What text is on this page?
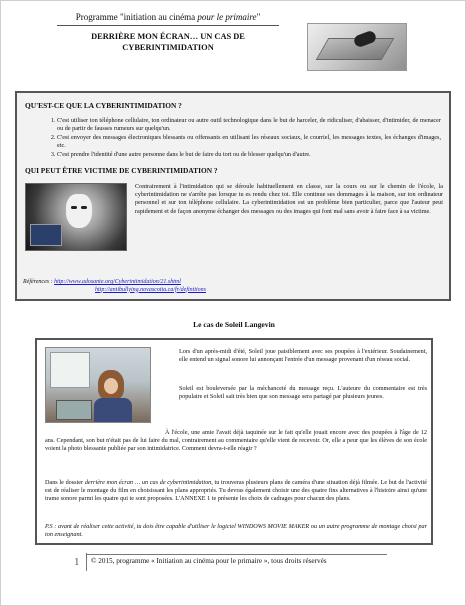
Programme "initiation au cinéma pour le primaire"
DERRIÈRE MON ÉCRAN… UN CAS DE
CYBERINTIMIDATION
QU'EST-CE QUE LA CYBERINTIMIDATION ?
1. C'est utiliser ton téléphone cellulaire, ton ordinateur ou autre outil technologique dans le but de harceler, de ridiculiser, d'abaisser, d'intimider, de menacer ou de partir de fausses rumeurs sur quelqu'un.
2. C'est envoyer des messages électroniques blessants ou offensants en utilisant les réseaux sociaux, le courriel, les messages textes, les échanges d'images, etc.
3. C'est prendre l'identité d'une autre personne dans le but de faire du tort ou de blesser quelqu'un d'autre.
QUI PEUT ÊTRE VICTIME DE CYBERINTIMIDATION ?
Contrairement à l'intimidation qui se déroule habituellement en classe, sur la cours ou sur le chemin de l'école, la cyberintimidation ne s'arrête pas lorsque tu es rendu chez toi. Elle continue ses dommages à la maison, sur ton ordinateur personnel et sur ton téléphone cellulaire. La cyberintimidation est un problème bien particulier, parce que l'auteur peut rapidement et de façon anonyme échanger des messages ou des images qui font mal sans avoir à faire face à sa victime.
Références : http://www.adosante.org/Cyberintimidation/21.shtml
http://antibullying.novascotia.ca/fr/definitions
Le cas de Soleil Langevin
Lors d'un après-midi d'été, Soleil joue paisiblement avec ses poupées à l'extérieur. Soudainement, elle entend un signal sonore lui annonçant l'entrée d'un message provenant d'un réseau social.
Soleil est bouleversée par la méchanceté du message reçu. L'auteure du commentaire est très populaire et Soleil sait très bien que son message sera partagé par plusieurs jeunes.
À l'école, une amie l'avait déjà taquinée sur le fait qu'elle jouait encore avec des poupées à l'âge de 12 ans. Cependant, son but n'était pas de lui faire du mal, contrairement au commentaire qu'elle vient de recevoir. Or, elle a peur que les élèves de son école voient la photo blessante publiée par son intimidatrice. Comment devra-t-elle réagir ?
Dans le dossier derrière mon écran … un cas de cyberintimidation, tu trouveras plusieurs plans de caméra d'une situation déjà filmée. Le but de l'activité est de réaliser le montage du film en choisissant les plans appropriés. Tu devras également choisir une des quatre fins alternatives à l'histoire ainsi qu'une trame sonore parmi les quatre qui te sont proposées. L'ANNEXE 1 te présente les choix de cadrages pour chacun des plans.
P.S : avant de réaliser cette activité, tu dois être capable d'utiliser le logiciel WINDOWS MOVIE MAKER ou un autre programme de montage choisi par ton enseignant.
1 © 2015, programme « Initiation au cinéma pour le primaire », tous droits réservés
